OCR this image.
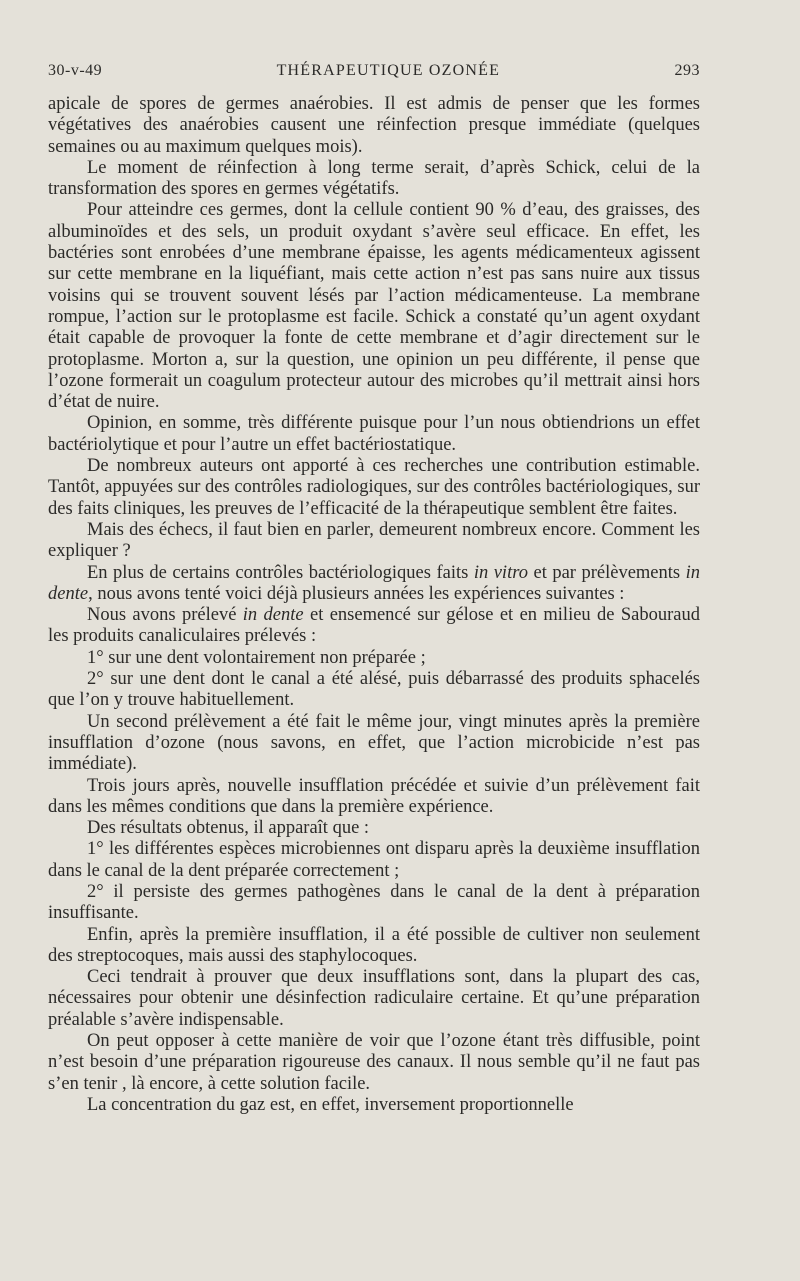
30-v-49	THÉRAPEUTIQUE OZONÉE	293

apicale de spores de germes anaérobies. Il est admis de penser que les formes végétatives des anaérobies causent une réinfection presque immédiate (quelques semaines ou au maximum quelques mois).

Le moment de réinfection à long terme serait, d’après Schick, celui de la transformation des spores en germes végétatifs.

Pour atteindre ces germes, dont la cellule contient 90 % d’eau, des graisses, des albuminoïdes et des sels, un produit oxydant s’avère seul efficace. En effet, les bactéries sont enrobées d’une membrane épaisse, les agents médicamenteux agissent sur cette membrane en la liquéfiant, mais cette action n’est pas sans nuire aux tissus voisins qui se trouvent souvent lésés par l’action médicamenteuse. La membrane rompue, l’action sur le protoplasme est facile. Schick a constaté qu’un agent oxydant était capable de provoquer la fonte de cette membrane et d’agir directement sur le protoplasme. Morton a, sur la question, une opinion un peu différente, il pense que l’ozone formerait un coagulum protecteur autour des microbes qu’il mettrait ainsi hors d’état de nuire.

Opinion, en somme, très différente puisque pour l’un nous obtiendrions un effet bactériolytique et pour l’autre un effet bactériostatique.

De nombreux auteurs ont apporté à ces recherches une contribution estimable. Tantôt, appuyées sur des contrôles radiologiques, sur des contrôles bactériologiques, sur des faits cliniques, les preuves de l’efficacité de la thérapeutique semblent être faites.

Mais des échecs, il faut bien en parler, demeurent nombreux encore. Comment les expliquer ?

En plus de certains contrôles bactériologiques faits in vitro et par prélèvements in dente, nous avons tenté voici déjà plusieurs années les expériences suivantes :

Nous avons prélevé in dente et ensemencé sur gélose et en milieu de Sabouraud les produits canaliculaires prélevés :

1° sur une dent volontairement non préparée ;

2° sur une dent dont le canal a été alésé, puis débarrassé des produits sphacelés que l’on y trouve habituellement.

Un second prélèvement a été fait le même jour, vingt minutes après la première insufflation d’ozone (nous savons, en effet, que l’action microbicide n’est pas immédiate).

Trois jours après, nouvelle insufflation précédée et suivie d’un prélèvement fait dans les mêmes conditions que dans la première expérience.

Des résultats obtenus, il apparaît que :

1° les différentes espèces microbiennes ont disparu après la deuxième insufflation dans le canal de la dent préparée correctement ;

2° il persiste des germes pathogènes dans le canal de la dent à préparation insuffisante.

Enfin, après la première insufflation, il a été possible de cultiver non seulement des streptocoques, mais aussi des staphylocoques.

Ceci tendrait à prouver que deux insufflations sont, dans la plupart des cas, nécessaires pour obtenir une désinfection radiculaire certaine. Et qu’une préparation préalable s’avère indispensable.

On peut opposer à cette manière de voir que l’ozone étant très diffusible, point n’est besoin d’une préparation rigoureuse des canaux. Il nous semble qu’il ne faut pas s’en tenir , là encore, à cette solution facile.

La concentration du gaz est, en effet, inversement proportionnelle
